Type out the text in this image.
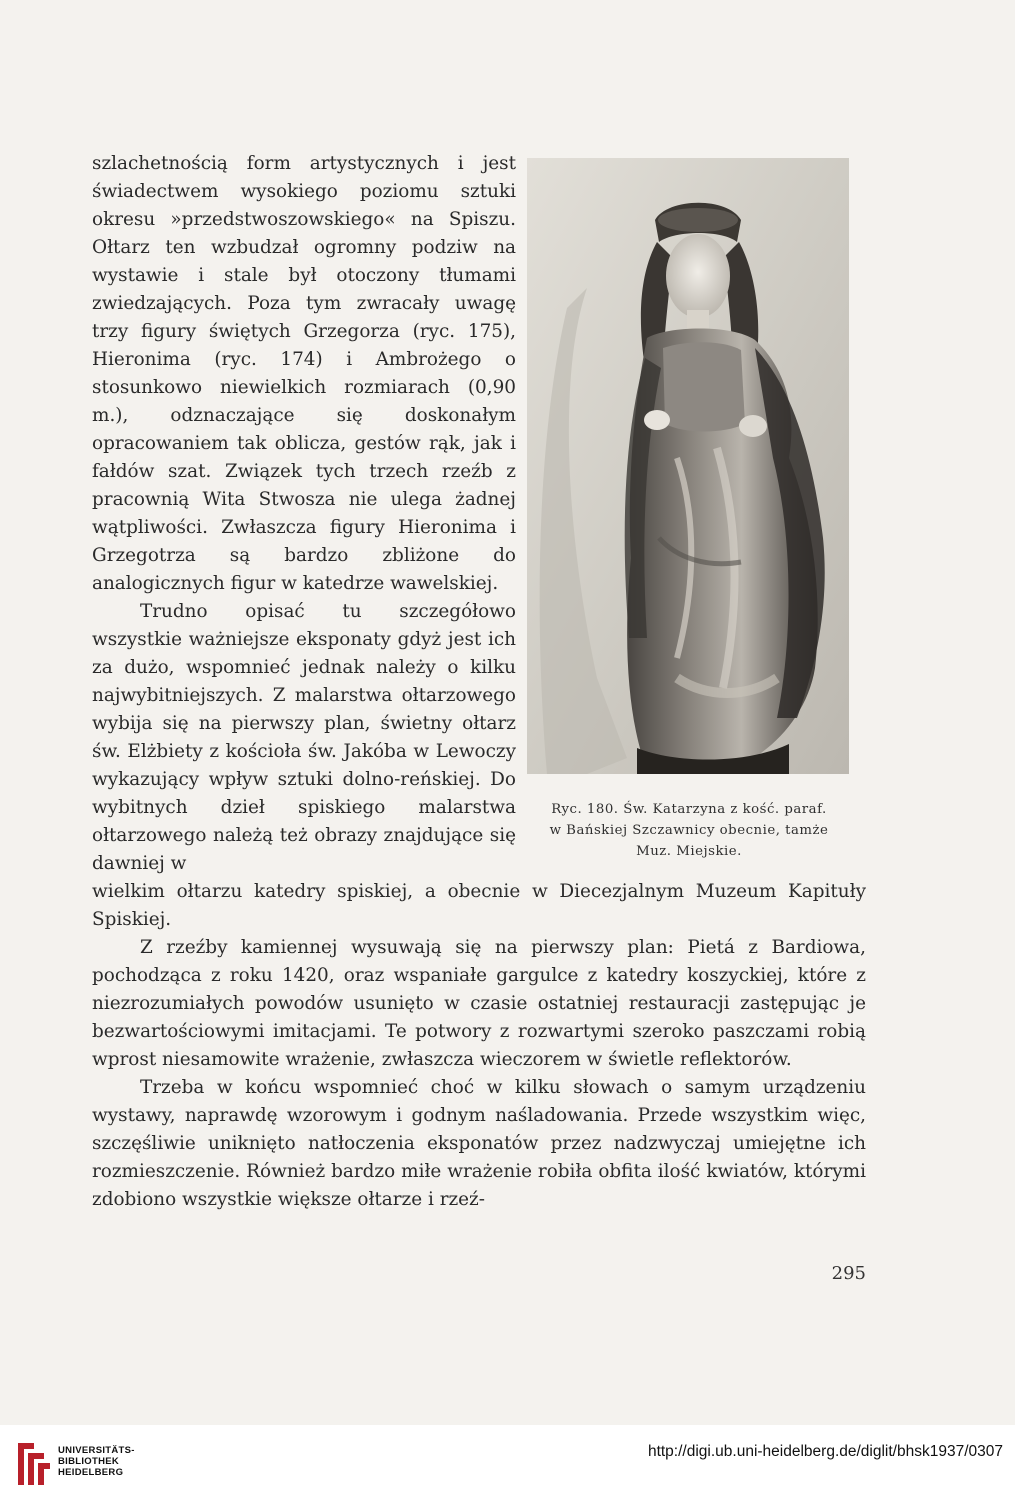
szlachetnością form artystycznych i jest świadectwem wysokiego poziomu sztuki okresu »przedstwoszowskiego« na Spiszu. Ołtarz ten wzbudzał ogromny podziw na wystawie i stale był otoczony tłumami zwiedzających. Poza tym zwracały uwagę trzy figury świętych Grzegorza (ryc. 175), Hieronima (ryc. 174) i Ambrożego o stosunkowo niewielkich rozmiarach (0,90 m.), odznaczające się doskonałym opracowaniem tak oblicza, gestów rąk, jak i fałdów szat. Związek tych trzech rzeźb z pracownią Wita Stwosza nie ulega żadnej wątpliwości. Zwłaszcza figury Hieronima i Grzegotrza są bardzo zbliżone do analogicznych figur w katedrze wawelskiej.

Trudno opisać tu szczegółowo wszystkie ważniejsze eksponaty gdyż jest ich za dużo, wspomnieć jednak należy o kilku najwybitniejszych. Z malarstwa ołtarzowego wybija się na pierwszy plan, świetny ołtarz św. Elżbiety z kościoła św. Jakóba w Lewoczy wykazujący wpływ sztuki dolno-reńskiej. Do wybitnych dzieł spiskiego malarstwa ołtarzowego należą też obrazy znajdujące się dawniej w

Ryc. 180. Św. Katarzyna z kość. paraf.
w Bańskiej Szczawnicy obecnie, tamże
Muz. Miejskie.

wielkim ołtarzu katedry spiskiej, a obecnie w Diecezjalnym Muzeum Kapituły Spiskiej.

Z rzeźby kamiennej wysuwają się na pierwszy plan: Pietá z Bardiowa, pochodząca z roku 1420, oraz wspaniałe gargulce z katedry koszyckiej, które z niezrozumiałych powodów usunięto w czasie ostatniej restauracji zastępując je bezwartościowymi imitacjami. Te potwory z rozwartymi szeroko paszczami robią wprost niesamowite wrażenie, zwłaszcza wieczorem w świetle reflektorów.

Trzeba w końcu wspomnieć choć w kilku słowach o samym urządzeniu wystawy, naprawdę wzorowym i godnym naśladowania. Przede wszystkim więc, szczęśliwie uniknięto natłoczenia eksponatów przez nadzwyczaj umiejętne ich rozmieszczenie. Również bardzo miłe wrażenie robiła obfita ilość kwiatów, którymi zdobiono wszystkie większe ołtarze i rzeź-

295
UNIVERSITÄTS-
BIBLIOTHEK
HEIDELBERG
http://digi.ub.uni-heidelberg.de/diglit/bhsk1937/0307
